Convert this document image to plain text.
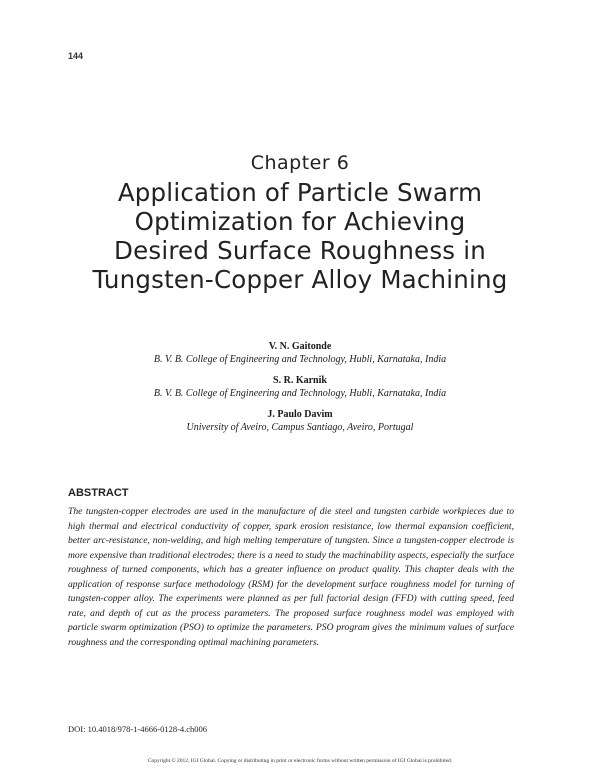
144
Chapter 6
Application of Particle Swarm Optimization for Achieving Desired Surface Roughness in Tungsten-Copper Alloy Machining
V. N. Gaitonde
B. V. B. College of Engineering and Technology, Hubli, Karnataka, India
S. R. Karnik
B. V. B. College of Engineering and Technology, Hubli, Karnataka, India
J. Paulo Davim
University of Aveiro, Campus Santiago, Aveiro, Portugal
ABSTRACT

The tungsten-copper electrodes are used in the manufacture of die steel and tungsten carbide workpieces due to high thermal and electrical conductivity of copper, spark erosion resistance, low thermal expansion coefficient, better arc-resistance, non-welding, and high melting temperature of tungsten. Since a tungsten-copper electrode is more expensive than traditional electrodes; there is a need to study the machinability aspects, especially the surface roughness of turned components, which has a greater influence on product quality. This chapter deals with the application of response surface methodology (RSM) for the development surface roughness model for turning of tungsten-copper alloy. The experiments were planned as per full factorial design (FFD) with cutting speed, feed rate, and depth of cut as the process parameters. The proposed surface roughness model was employed with particle swarm optimization (PSO) to optimize the parameters. PSO program gives the minimum values of surface roughness and the corresponding optimal machining parameters.

DOI: 10.4018/978-1-4666-0128-4.ch006
Copyright © 2012, IGI Global. Copying or distributing in print or electronic forms without written permission of IGI Global is prohibited.
